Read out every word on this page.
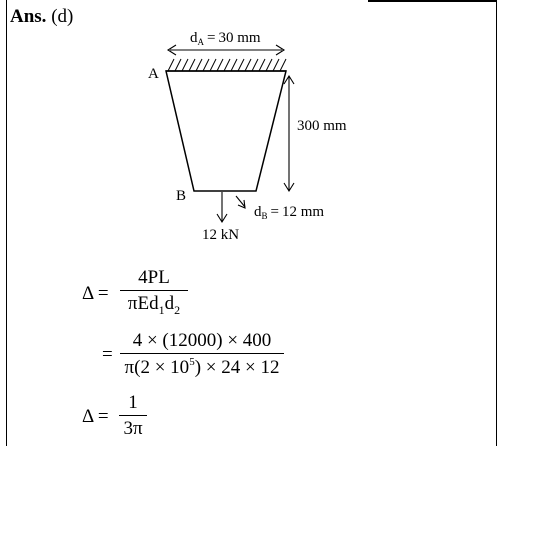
Ans. (d)
$d_A = 30$ mm
A
B
300 mm
12 kN
$d_B = 12$ mm
Δ =
4PL
$\pi Ed_1d_2$
=
4 × (12000) × 400
$\pi(2 \times 10^5) \times 24 \times 12$
Δ =
1
3π
